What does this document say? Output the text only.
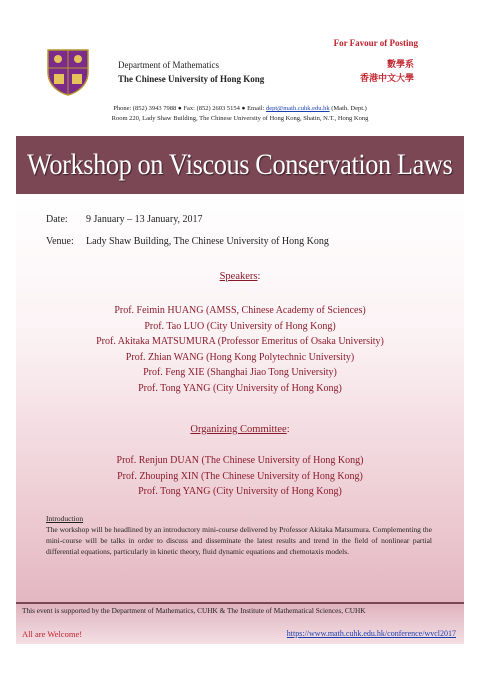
For Favour of Posting
Department of Mathematics
The Chinese University of Hong Kong
數學系
香港中文大學
Phone: (852) 3943 7988 ● Fax: (852) 2603 5154 ● Email: dept@math.cuhk.edu.hk (Math. Dept.)
Room 220, Lady Shaw Building, The Chinese University of Hong Kong, Shatin, N.T., Hong Kong
Workshop on Viscous Conservation Laws
Date: 9 January – 13 January, 2017
Venue: Lady Shaw Building, The Chinese University of Hong Kong
Speakers:
Prof. Feimin HUANG (AMSS, Chinese Academy of Sciences)
Prof. Tao LUO (City University of Hong Kong)
Prof. Akitaka MATSUMURA (Professor Emeritus of Osaka University)
Prof. Zhian WANG (Hong Kong Polytechnic University)
Prof. Feng XIE (Shanghai Jiao Tong University)
Prof. Tong YANG (City University of Hong Kong)
Organizing Committee:
Prof. Renjun DUAN (The Chinese University of Hong Kong)
Prof. Zhouping XIN (The Chinese University of Hong Kong)
Prof. Tong YANG (City University of Hong Kong)
Introduction
The workshop will be headlined by an introductory mini-course delivered by Professor Akitaka Matsumura. Complementing the mini-course will be talks in order to discuss and disseminate the latest results and trend in the field of nonlinear partial differential equations, particularly in kinetic theory, fluid dynamic equations and chemotaxis models.
This event is supported by the Department of Mathematics, CUHK & The Institute of Mathematical Sciences, CUHK
All are Welcome!	https://www.math.cuhk.edu.hk/conference/wvcl2017
